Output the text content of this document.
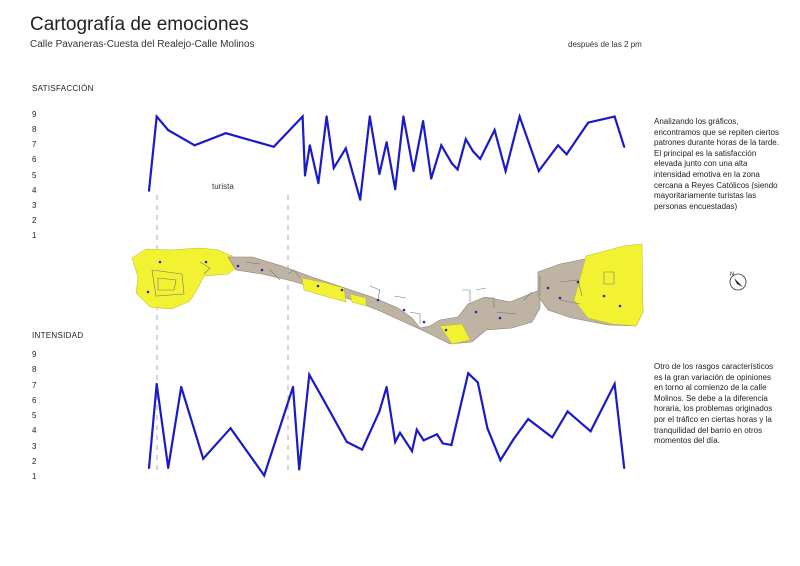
Cartografía de emociones
Calle Pavaneras-Cuesta del Realejo-Calle Molinos	después de las 2 pm
SATISFACCIÓN
INTENSIDAD
9
8
7
6
5
4
3
2
1
9
8
7
6
5
4
3
2
1
turista
Analizando los gráficos, encontramos que se repiten ciertos patrones durante horas de la tarde. El principal es la satisfacción elevada junto con una alta intensidad emotiva en la zona cercana a Reyes Católicos (siendo mayoritariamente turistas las personas encuestadas)
Otro de los rasgos característicos es la gran variación de opiniones en torno al comienzo de la calle Molinos. Se debe a la diferencia horaria, los problemas originados por el tráfico en ciertas horas y la tranquilidad del barrio en otros momentos del día.
N
